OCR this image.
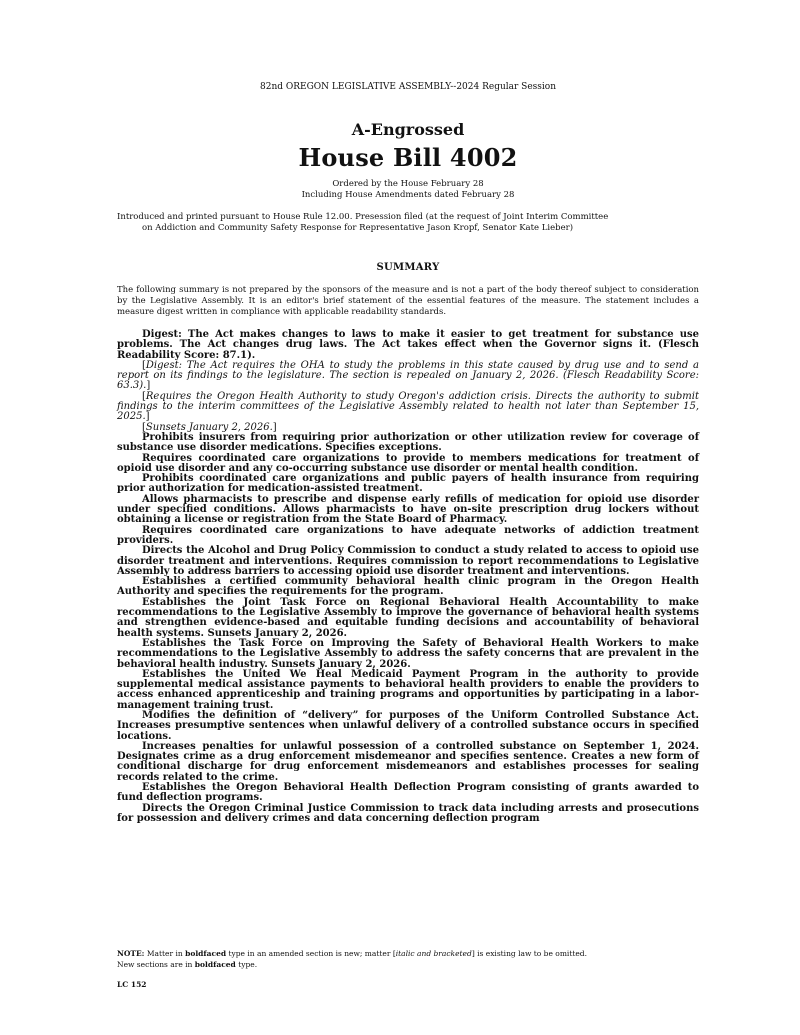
82nd OREGON LEGISLATIVE ASSEMBLY--2024 Regular Session
A-Engrossed
House Bill 4002
Ordered by the House February 28
Including House Amendments dated February 28
Introduced and printed pursuant to House Rule 12.00. Presession filed (at the request of Joint Interim Committee
on Addiction and Community Safety Response for Representative Jason Kropf, Senator Kate Lieber)
SUMMARY
The following summary is not prepared by the sponsors of the measure and is not a part of the body thereof subject to consideration by the Legislative Assembly. It is an editor's brief statement of the essential features of the measure. The statement includes a measure digest written in compliance with applicable readability standards.

Digest: The Act makes changes to laws to make it easier to get treatment for substance use problems. The Act changes drug laws. The Act takes effect when the Governor signs it. (Flesch Readability Score: 87.1).

[Digest: The Act requires the OHA to study the problems in this state caused by drug use and to send a report on its findings to the legislature. The section is repealed on January 2, 2026. (Flesch Readability Score: 63.3).]

[Requires the Oregon Health Authority to study Oregon's addiction crisis. Directs the authority to submit findings to the interim committees of the Legislative Assembly related to health not later than September 15, 2025.]

[Sunsets January 2, 2026.]

Prohibits insurers from requiring prior authorization or other utilization review for coverage of substance use disorder medications. Specifies exceptions.

Requires coordinated care organizations to provide to members medications for treatment of opioid use disorder and any co-occurring substance use disorder or mental health condition.

Prohibits coordinated care organizations and public payers of health insurance from requiring prior authorization for medication-assisted treatment.

Allows pharmacists to prescribe and dispense early refills of medication for opioid use disorder under specified conditions. Allows pharmacists to have on-site prescription drug lockers without obtaining a license or registration from the State Board of Pharmacy.

Requires coordinated care organizations to have adequate networks of addiction treatment providers.

Directs the Alcohol and Drug Policy Commission to conduct a study related to access to opioid use disorder treatment and interventions. Requires commission to report recommendations to Legislative Assembly to address barriers to accessing opioid use disorder treatment and interventions.

Establishes a certified community behavioral health clinic program in the Oregon Health Authority and specifies the requirements for the program.

Establishes the Joint Task Force on Regional Behavioral Health Accountability to make recommendations to the Legislative Assembly to improve the governance of behavioral health systems and strengthen evidence-based and equitable funding decisions and accountability of behavioral health systems. Sunsets January 2, 2026.

Establishes the Task Force on Improving the Safety of Behavioral Health Workers to make recommendations to the Legislative Assembly to address the safety concerns that are prevalent in the behavioral health industry. Sunsets January 2, 2026.

Establishes the United We Heal Medicaid Payment Program in the authority to provide supplemental medical assistance payments to behavioral health providers to enable the providers to access enhanced apprenticeship and training programs and opportunities by participating in a labor-management training trust.

Modifies the definition of “delivery” for purposes of the Uniform Controlled Substance Act. Increases presumptive sentences when unlawful delivery of a controlled substance occurs in specified locations.

Increases penalties for unlawful possession of a controlled substance on September 1, 2024. Designates crime as a drug enforcement misdemeanor and specifies sentence. Creates a new form of conditional discharge for drug enforcement misdemeanors and establishes processes for sealing records related to the crime.

Establishes the Oregon Behavioral Health Deflection Program consisting of grants awarded to fund deflection programs.

Directs the Oregon Criminal Justice Commission to track data including arrests and prosecutions for possession and delivery crimes and data concerning deflection program

NOTE: Matter in boldfaced type in an amended section is new; matter [italic and bracketed] is existing law to be omitted.
New sections are in boldfaced type.
LC 152
